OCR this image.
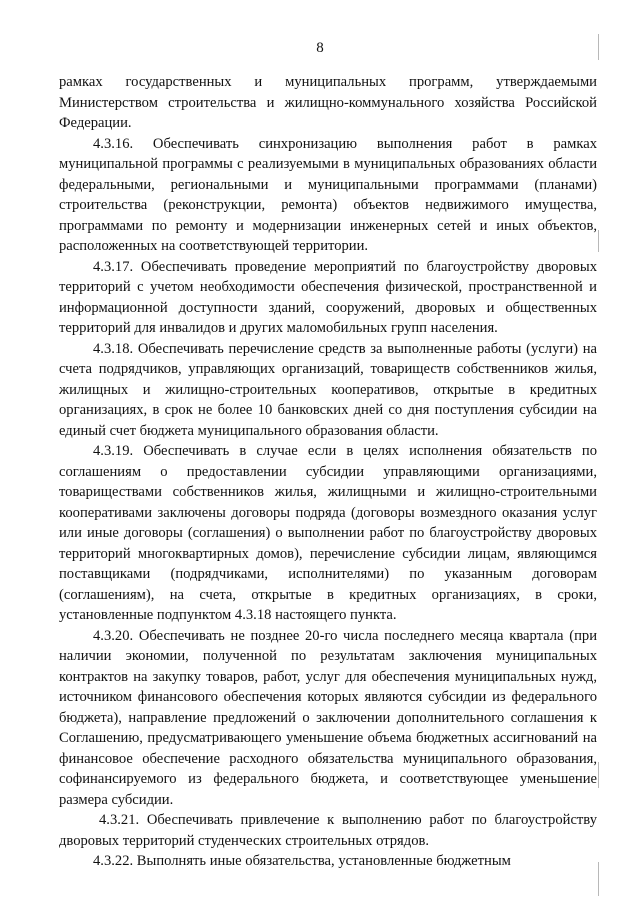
8

рамках государственных и муниципальных программ, утверждаемыми Министерством строительства и жилищно-коммунального хозяйства Российской Федерации.

4.3.16. Обеспечивать синхронизацию выполнения работ в рамках муниципальной программы с реализуемыми в муниципальных образованиях области федеральными, региональными и муниципальными программами (планами) строительства (реконструкции, ремонта) объектов недвижимого имущества, программами по ремонту и модернизации инженерных сетей и иных объектов, расположенных на соответствующей территории.

4.3.17. Обеспечивать проведение мероприятий по благоустройству дворовых территорий с учетом необходимости обеспечения физической, пространственной и информационной доступности зданий, сооружений, дворовых и общественных территорий для инвалидов и других маломобильных групп населения.

4.3.18. Обеспечивать перечисление средств за выполненные работы (услуги) на счета подрядчиков, управляющих организаций, товариществ собственников жилья, жилищных и жилищно-строительных кооперативов, открытые в кредитных организациях, в срок не более 10 банковских дней со дня поступления субсидии на единый счет бюджета муниципального образования области.

4.3.19. Обеспечивать в случае если в целях исполнения обязательств по соглашениям о предоставлении субсидии управляющими организациями, товариществами собственников жилья, жилищными и жилищно-строительными кооперативами заключены договоры подряда (договоры возмездного оказания услуг или иные договоры (соглашения) о выполнении работ по благоустройству дворовых территорий многоквартирных домов), перечисление субсидии лицам, являющимся поставщиками (подрядчиками, исполнителями) по указанным договорам (соглашениям), на счета, открытые в кредитных организациях, в сроки, установленные подпунктом 4.3.18 настоящего пункта.

4.3.20. Обеспечивать не позднее 20-го числа последнего месяца квартала (при наличии экономии, полученной по результатам заключения муниципальных контрактов на закупку товаров, работ, услуг для обеспечения муниципальных нужд, источником финансового обеспечения которых являются субсидии из федерального бюджета), направление предложений о заключении дополнительного соглашения к Соглашению, предусматривающего уменьшение объема бюджетных ассигнований на финансовое обеспечение расходного обязательства муниципального образования, софинансируемого из федерального бюджета, и соответствующее уменьшение размера субсидии.

4.3.21. Обеспечивать привлечение к выполнению работ по благоустройству дворовых территорий студенческих строительных отрядов.

4.3.22. Выполнять иные обязательства, установленные бюджетным
